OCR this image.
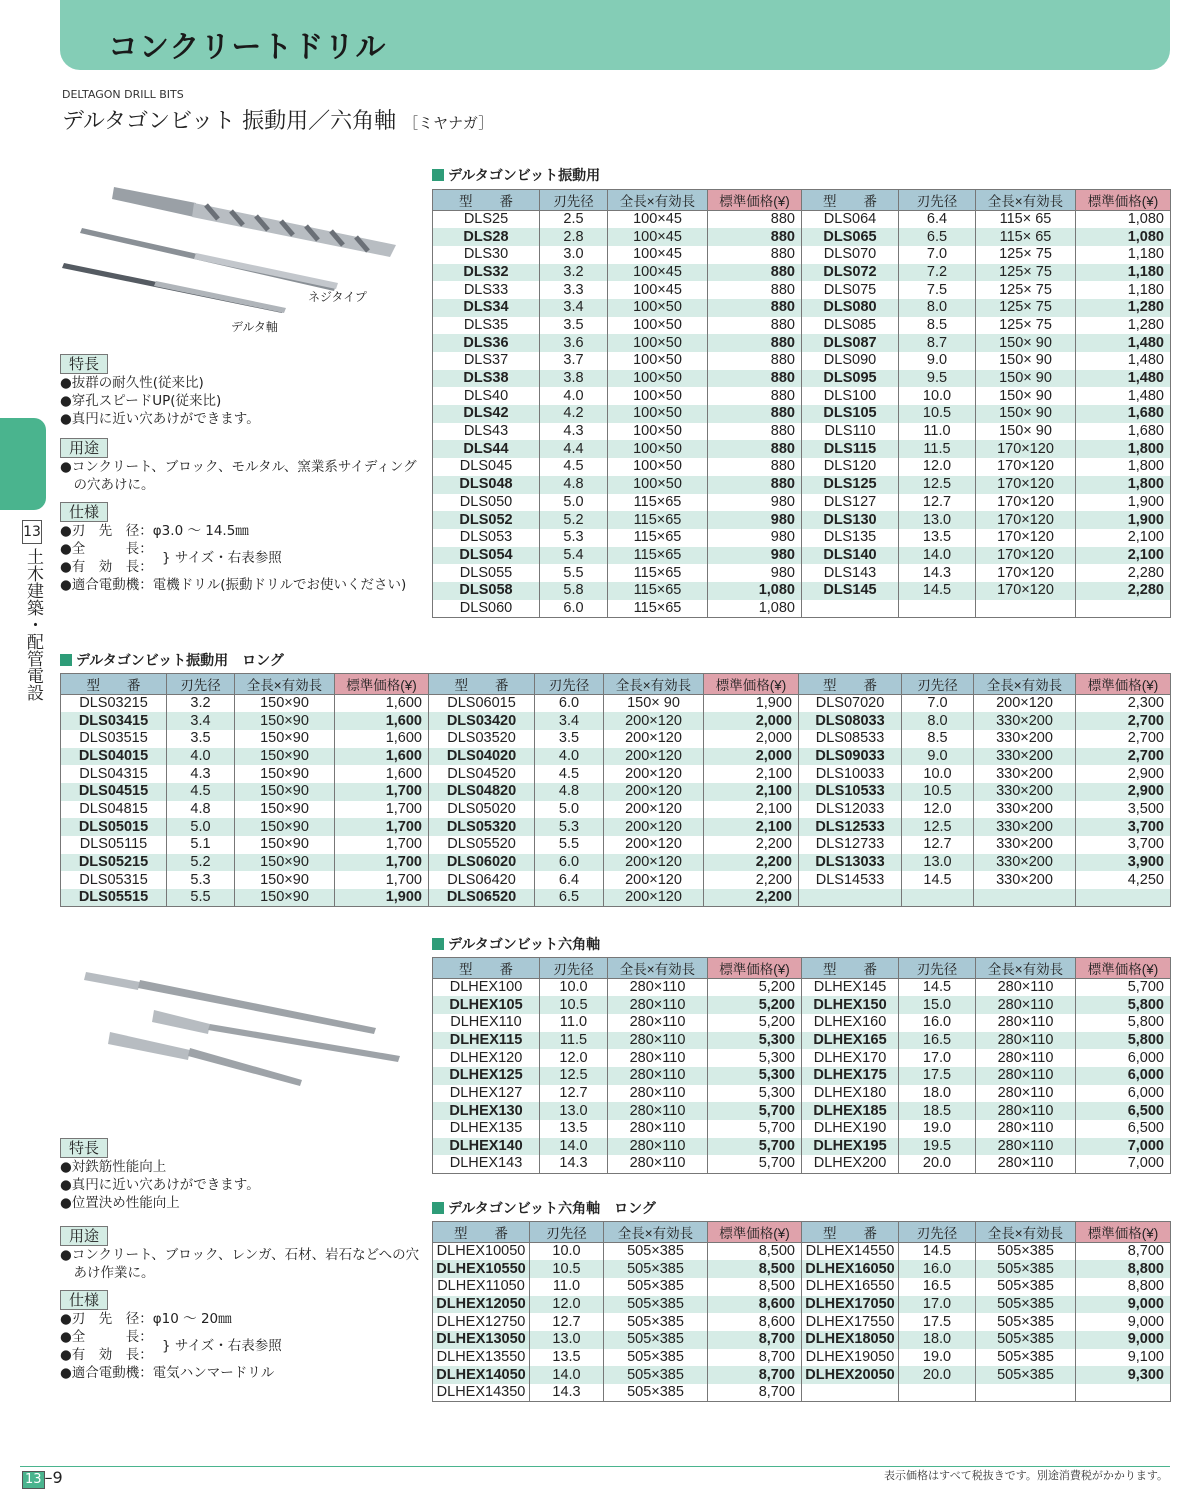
コンクリートドリル
DELTAGON DRILL BITS
デルタゴンビット 振動用／六角軸 ［ミヤナガ］
13
土木建築・配管電設
ネジタイプ
デルタ軸
特長
●抜群の耐久性(従来比)
●穿孔スピードUP(従来比)
●真円に近い穴あけができます。
用途
●コンクリート、ブロック、モルタル、窯業系サイディング
　の穴あけに。
仕様
●刃　先　径：φ3.0 ～ 14.5㎜
●全　　　長：
●有　効　長：
} サイズ・右表参照
●適合電動機：電機ドリル(振動ドリルでお使いください)
デルタゴンビット振動用
型　　番	刃先径	全長×有効長	標準価格(¥)	型　　番	刃先径	全長×有効長	標準価格(¥)
DLS25	2.5	100×45	880	DLS064	6.4	115× 65	1,080
DLS28	2.8	100×45	880	DLS065	6.5	115× 65	1,080
DLS30	3.0	100×45	880	DLS070	7.0	125× 75	1,180
DLS32	3.2	100×45	880	DLS072	7.2	125× 75	1,180
DLS33	3.3	100×45	880	DLS075	7.5	125× 75	1,180
DLS34	3.4	100×50	880	DLS080	8.0	125× 75	1,280
DLS35	3.5	100×50	880	DLS085	8.5	125× 75	1,280
DLS36	3.6	100×50	880	DLS087	8.7	150× 90	1,480
DLS37	3.7	100×50	880	DLS090	9.0	150× 90	1,480
DLS38	3.8	100×50	880	DLS095	9.5	150× 90	1,480
DLS40	4.0	100×50	880	DLS100	10.0	150× 90	1,480
DLS42	4.2	100×50	880	DLS105	10.5	150× 90	1,680
DLS43	4.3	100×50	880	DLS110	11.0	150× 90	1,680
DLS44	4.4	100×50	880	DLS115	11.5	170×120	1,800
DLS045	4.5	100×50	880	DLS120	12.0	170×120	1,800
DLS048	4.8	100×50	880	DLS125	12.5	170×120	1,800
DLS050	5.0	115×65	980	DLS127	12.7	170×120	1,900
DLS052	5.2	115×65	980	DLS130	13.0	170×120	1,900
DLS053	5.3	115×65	980	DLS135	13.5	170×120	2,100
DLS054	5.4	115×65	980	DLS140	14.0	170×120	2,100
DLS055	5.5	115×65	980	DLS143	14.3	170×120	2,280
DLS058	5.8	115×65	1,080	DLS145	14.5	170×120	2,280
DLS060	6.0	115×65	1,080				
デルタゴンビット振動用　ロング
型　　番	刃先径	全長×有効長	標準価格(¥)	型　　番	刃先径	全長×有効長	標準価格(¥)	型　　番	刃先径	全長×有効長	標準価格(¥)
DLS03215	3.2	150×90	1,600	DLS06015	6.0	150× 90	1,900	DLS07020	7.0	200×120	2,300
DLS03415	3.4	150×90	1,600	DLS03420	3.4	200×120	2,000	DLS08033	8.0	330×200	2,700
DLS03515	3.5	150×90	1,600	DLS03520	3.5	200×120	2,000	DLS08533	8.5	330×200	2,700
DLS04015	4.0	150×90	1,600	DLS04020	4.0	200×120	2,000	DLS09033	9.0	330×200	2,700
DLS04315	4.3	150×90	1,600	DLS04520	4.5	200×120	2,100	DLS10033	10.0	330×200	2,900
DLS04515	4.5	150×90	1,700	DLS04820	4.8	200×120	2,100	DLS10533	10.5	330×200	2,900
DLS04815	4.8	150×90	1,700	DLS05020	5.0	200×120	2,100	DLS12033	12.0	330×200	3,500
DLS05015	5.0	150×90	1,700	DLS05320	5.3	200×120	2,100	DLS12533	12.5	330×200	3,700
DLS05115	5.1	150×90	1,700	DLS05520	5.5	200×120	2,200	DLS12733	12.7	330×200	3,700
DLS05215	5.2	150×90	1,700	DLS06020	6.0	200×120	2,200	DLS13033	13.0	330×200	3,900
DLS05315	5.3	150×90	1,700	DLS06420	6.4	200×120	2,200	DLS14533	14.5	330×200	4,250
DLS05515	5.5	150×90	1,900	DLS06520	6.5	200×120	2,200				
特長
●対鉄筋性能向上
●真円に近い穴あけができます。
●位置決め性能向上
用途
●コンクリート、ブロック、レンガ、石材、岩石などへの穴
　あけ作業に。
仕様
●刃　先　径：φ10 ～ 20㎜
●全　　　長：
●有　効　長：
} サイズ・右表参照
●適合電動機：電気ハンマードリル
デルタゴンビット六角軸
型　　番	刃先径	全長×有効長	標準価格(¥)	型　　番	刃先径	全長×有効長	標準価格(¥)
DLHEX100	10.0	280×110	5,200	DLHEX145	14.5	280×110	5,700
DLHEX105	10.5	280×110	5,200	DLHEX150	15.0	280×110	5,800
DLHEX110	11.0	280×110	5,200	DLHEX160	16.0	280×110	5,800
DLHEX115	11.5	280×110	5,300	DLHEX165	16.5	280×110	5,800
DLHEX120	12.0	280×110	5,300	DLHEX170	17.0	280×110	6,000
DLHEX125	12.5	280×110	5,300	DLHEX175	17.5	280×110	6,000
DLHEX127	12.7	280×110	5,300	DLHEX180	18.0	280×110	6,000
DLHEX130	13.0	280×110	5,700	DLHEX185	18.5	280×110	6,500
DLHEX135	13.5	280×110	5,700	DLHEX190	19.0	280×110	6,500
DLHEX140	14.0	280×110	5,700	DLHEX195	19.5	280×110	7,000
DLHEX143	14.3	280×110	5,700	DLHEX200	20.0	280×110	7,000
デルタゴンビット六角軸　ロング
型　　番	刃先径	全長×有効長	標準価格(¥)	型　　番	刃先径	全長×有効長	標準価格(¥)
DLHEX10050	10.0	505×385	8,500	DLHEX14550	14.5	505×385	8,700
DLHEX10550	10.5	505×385	8,500	DLHEX16050	16.0	505×385	8,800
DLHEX11050	11.0	505×385	8,500	DLHEX16550	16.5	505×385	8,800
DLHEX12050	12.0	505×385	8,600	DLHEX17050	17.0	505×385	9,000
DLHEX12750	12.7	505×385	8,600	DLHEX17550	17.5	505×385	9,000
DLHEX13050	13.0	505×385	8,700	DLHEX18050	18.0	505×385	9,000
DLHEX13550	13.5	505×385	8,700	DLHEX19050	19.0	505×385	9,100
DLHEX14050	14.0	505×385	8,700	DLHEX20050	20.0	505×385	9,300
DLHEX14350	14.3	505×385	8,700				
13 –9	表示価格はすべて税抜きです。別途消費税がかかります。
